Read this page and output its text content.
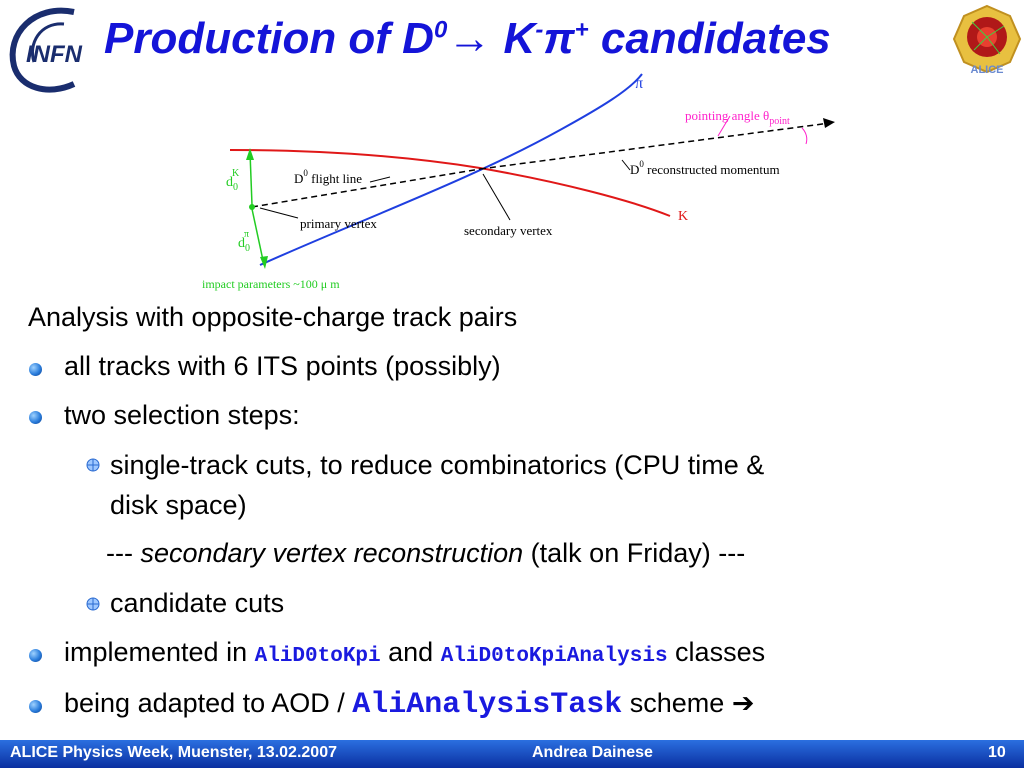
INFN Production of $D^0\to K^-\pi^+$ candidates
ALICE
π
K
pointing angle $\theta_{point}$
$D^0$ flight line
$D^0$ reconstructed momentum
primary vertex	secondary vertex
$d_0K$
$d_0\pi$
impact parameters ~100 μ m
Analysis with opposite-charge track pairs
all tracks with 6 ITS points (possibly)
two selection steps:
single-track cuts, to reduce combinatorics (CPU time &
disk space)
--- secondary vertex reconstruction (talk on Friday) ---
candidate cuts
implemented in AliD0toKpi and AliD0toKpiAnalysis classes
being adapted to AOD / AliAnalysisTask scheme ➔
ALICE Physics Week, Muenster, 13.02.2007	Andrea Dainese	10
